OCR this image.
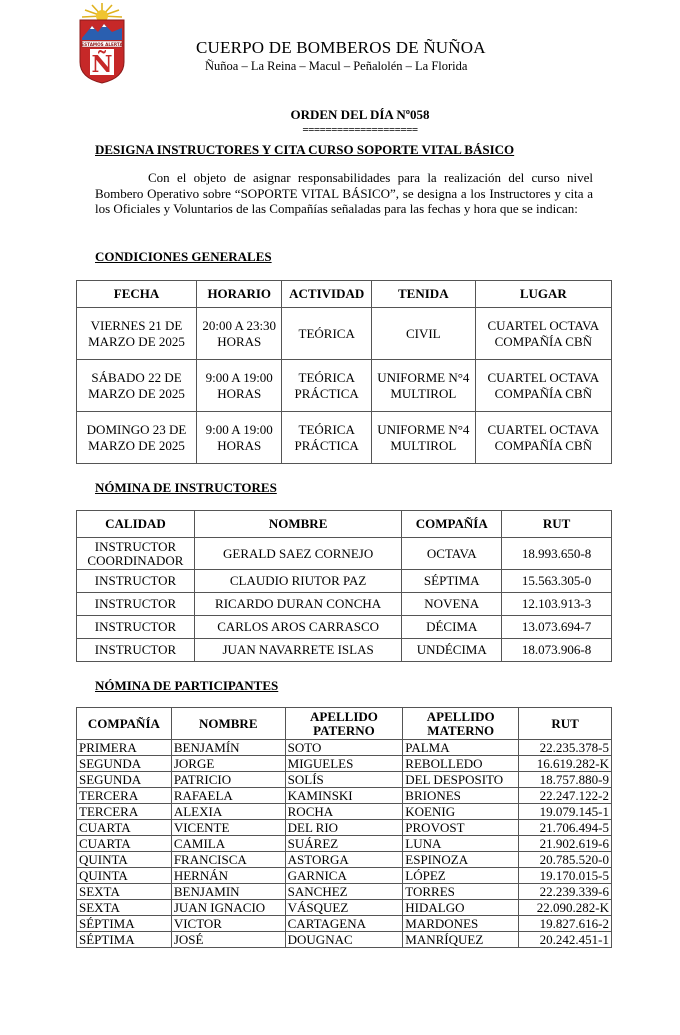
ESTAMOS ALERTA
Ñ
CUERPO DE BOMBEROS DE ÑUÑOA
Ñuñoa – La Reina – Macul – Peñalolén – La Florida
ORDEN DEL DÍA Nº058
====================
DESIGNA INSTRUCTORES Y CITA CURSO SOPORTE VITAL BÁSICO
Con el objeto de asignar responsabilidades para la realización del curso nivel Bombero Operativo sobre “SOPORTE VITAL BÁSICO”, se designa a los Instructores y cita a los Oficiales y Voluntarios de las Compañías señaladas para las fechas y hora que se indican:
CONDICIONES GENERALES
FECHA	HORARIO	ACTIVIDAD	TENIDA	LUGAR
VIERNES 21 DE MARZO DE 2025	20:00 A 23:30 HORAS	TEÓRICA	CIVIL	CUARTEL OCTAVA COMPAÑÍA CBÑ
SÁBADO 22 DE MARZO DE 2025	9:00 A 19:00 HORAS	TEÓRICA PRÁCTICA	UNIFORME N°4 MULTIROL	CUARTEL OCTAVA COMPAÑÍA CBÑ
DOMINGO 23 DE MARZO DE 2025	9:00 A 19:00 HORAS	TEÓRICA PRÁCTICA	UNIFORME N°4 MULTIROL	CUARTEL OCTAVA COMPAÑÍA CBÑ
NÓMINA DE INSTRUCTORES
CALIDAD	NOMBRE	COMPAÑÍA	RUT
INSTRUCTOR COORDINADOR	GERALD SAEZ CORNEJO	OCTAVA	18.993.650-8
INSTRUCTOR	CLAUDIO RIUTOR PAZ	SÉPTIMA	15.563.305-0
INSTRUCTOR	RICARDO DURAN CONCHA	NOVENA	12.103.913-3
INSTRUCTOR	CARLOS AROS CARRASCO	DÉCIMA	13.073.694-7
INSTRUCTOR	JUAN NAVARRETE ISLAS	UNDÉCIMA	18.073.906-8
NÓMINA DE PARTICIPANTES
COMPAÑÍA	NOMBRE	APELLIDO PATERNO	APELLIDO MATERNO	RUT
PRIMERA	BENJAMÍN	SOTO	PALMA	22.235.378-5
SEGUNDA	JORGE	MIGUELES	REBOLLEDO	16.619.282-K
SEGUNDA	PATRICIO	SOLÍS	DEL DESPOSITO	18.757.880-9
TERCERA	RAFAELA	KAMINSKI	BRIONES	22.247.122-2
TERCERA	ALEXIA	ROCHA	KOENIG	19.079.145-1
CUARTA	VICENTE	DEL RIO	PROVOST	21.706.494-5
CUARTA	CAMILA	SUÁREZ	LUNA	21.902.619-6
QUINTA	FRANCISCA	ASTORGA	ESPINOZA	20.785.520-0
QUINTA	HERNÁN	GARNICA	LÓPEZ	19.170.015-5
SEXTA	BENJAMIN	SANCHEZ	TORRES	22.239.339-6
SEXTA	JUAN IGNACIO	VÁSQUEZ	HIDALGO	22.090.282-K
SÉPTIMA	VICTOR	CARTAGENA	MARDONES	19.827.616-2
SÉPTIMA	JOSÉ	DOUGNAC	MANRÍQUEZ	20.242.451-1
